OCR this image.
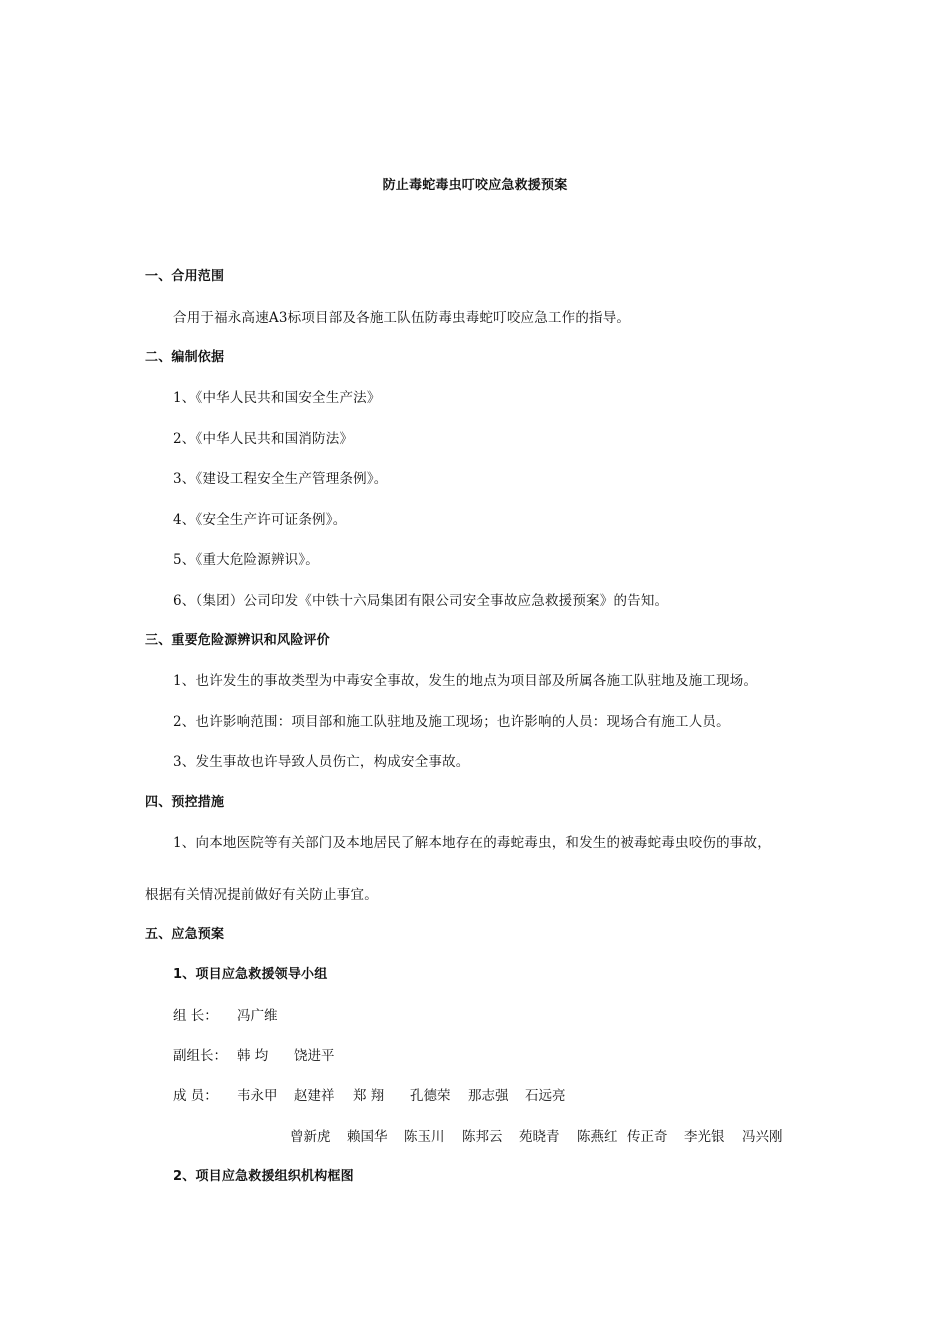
防止毒蛇毒虫叮咬应急救援预案
一、合用范围
合用于福永高速A3标项目部及各施工队伍防毒虫毒蛇叮咬应急工作的指导。
二、编制依据
1、《中华人民共和国安全生产法》
2、《中华人民共和国消防法》
3、《建设工程安全生产管理条例》。
4、《安全生产许可证条例》。
5、《重大危险源辨识》。
6、（集团）公司印发《中铁十六局集团有限公司安全事故应急救援预案》的告知。
三、重要危险源辨识和风险评价
1、也许发生的事故类型为中毒安全事故，发生的地点为项目部及所属各施工队驻地及施工现场。
2、也许影响范围：项目部和施工队驻地及施工现场；也许影响的人员：现场合有施工人员。
3、发生事故也许导致人员伤亡，构成安全事故。
四、预控措施
1、向本地医院等有关部门及本地居民了解本地存在的毒蛇毒虫，和发生的被毒蛇毒虫咬伤的事故，
根据有关情况提前做好有关防止事宜。
五、应急预案
1、项目应急救援领导小组
组 长： 冯广维
副组长： 韩 均 饶进平
成 员： 韦永甲 赵建祥 郑 翔 孔德荣 那志强 石远亮
曾新虎 赖国华 陈玉川 陈邦云 苑晓青 陈燕红 传正奇 李光银 冯兴刚
2、项目应急救援组织机构框图
